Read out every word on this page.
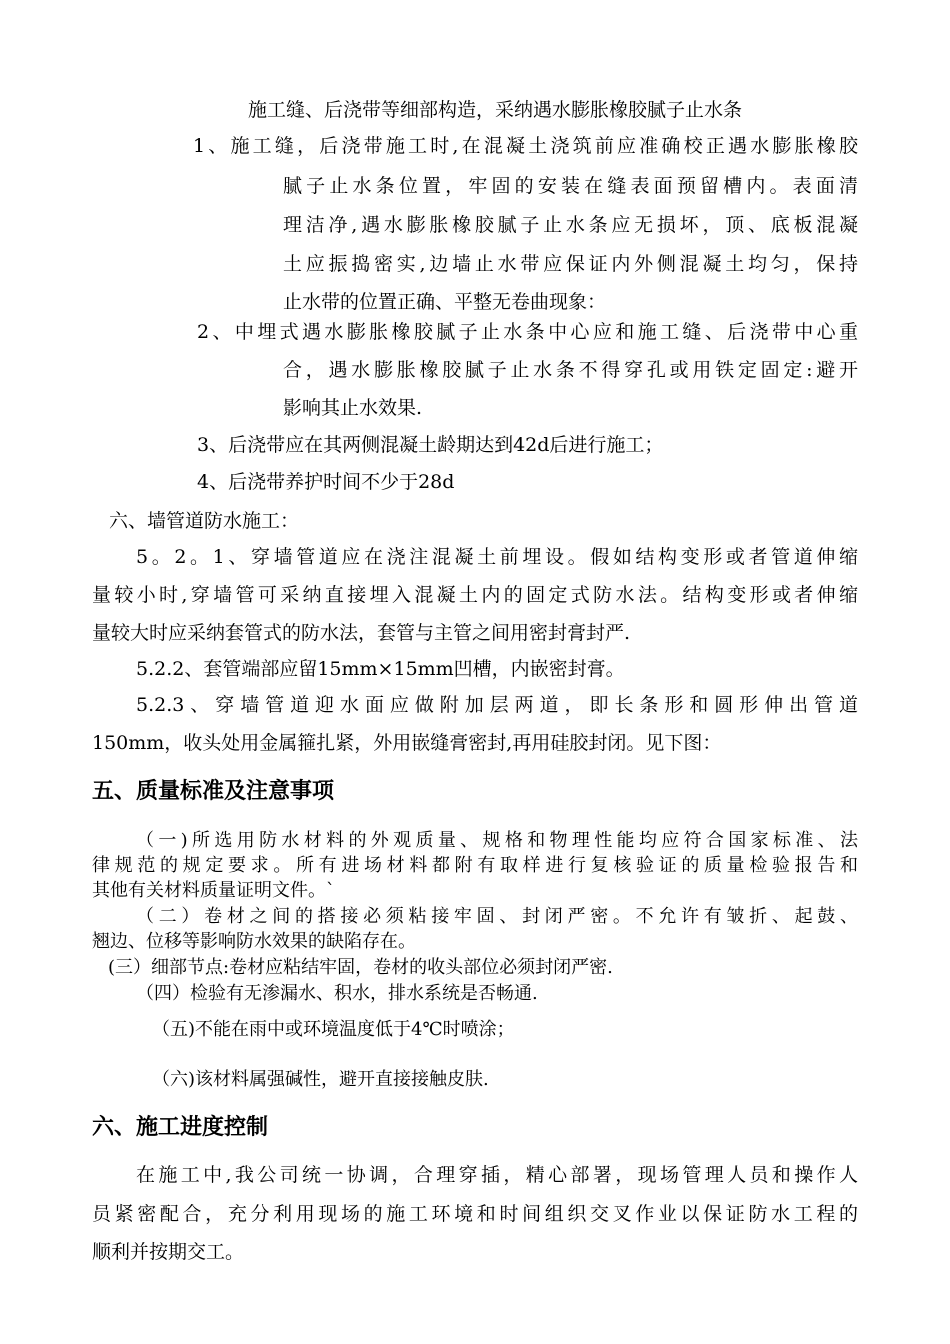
施工缝、后浇带等细部构造，采纳遇水膨胀橡胶腻子止水条
1、施工缝，后浇带施工时,在混凝土浇筑前应准确校正遇水膨胀橡胶
腻子止水条位置，牢固的安装在缝表面预留槽内。表面清
理洁净,遇水膨胀橡胶腻子止水条应无损坏，顶、底板混凝
土应振捣密实,边墙止水带应保证内外侧混凝土均匀，保持
止水带的位置正确、平整无卷曲现象：
2、中埋式遇水膨胀橡胶腻子止水条中心应和施工缝、后浇带中心重
合，遇水膨胀橡胶腻子止水条不得穿孔或用铁定固定:避开
影响其止水效果.
3、后浇带应在其两侧混凝土龄期达到42d后进行施工；
4、后浇带养护时间不少于28d
六、墙管道防水施工：
5。2。1、穿墙管道应在浇注混凝土前埋设。假如结构变形或者管道伸缩
量较小时,穿墙管可采纳直接埋入混凝土内的固定式防水法。结构变形或者伸缩
量较大时应采纳套管式的防水法，套管与主管之间用密封膏封严.
5.2.2、套管端部应留15mm×15mm凹槽，内嵌密封膏。
5.2.3、穿墙管道迎水面应做附加层两道，即长条形和圆形伸出管道
150mm，收头处用金属箍扎紧，外用嵌缝膏密封,再用硅胶封闭。见下图：
五、质量标准及注意事项
（一)所选用防水材料的外观质量、规格和物理性能均应符合国家标准、法
律规范的规定要求。所有进场材料都附有取样进行复核验证的质量检验报告和
其他有关材料质量证明文件。`
（二）卷材之间的搭接必须粘接牢固、封闭严密。不允许有皱折、起鼓、
翘边、位移等影响防水效果的缺陷存在。
(三）细部节点:卷材应粘结牢固，卷材的收头部位必须封闭严密.
（四）检验有无渗漏水、积水，排水系统是否畅通.
（五)不能在雨中或环境温度低于4℃时喷涂；
（六)该材料属强碱性，避开直接接触皮肤.
六、施工进度控制
在施工中,我公司统一协调，合理穿插，精心部署，现场管理人员和操作人
员紧密配合，充分利用现场的施工环境和时间组织交叉作业以保证防水工程的
顺利并按期交工。
